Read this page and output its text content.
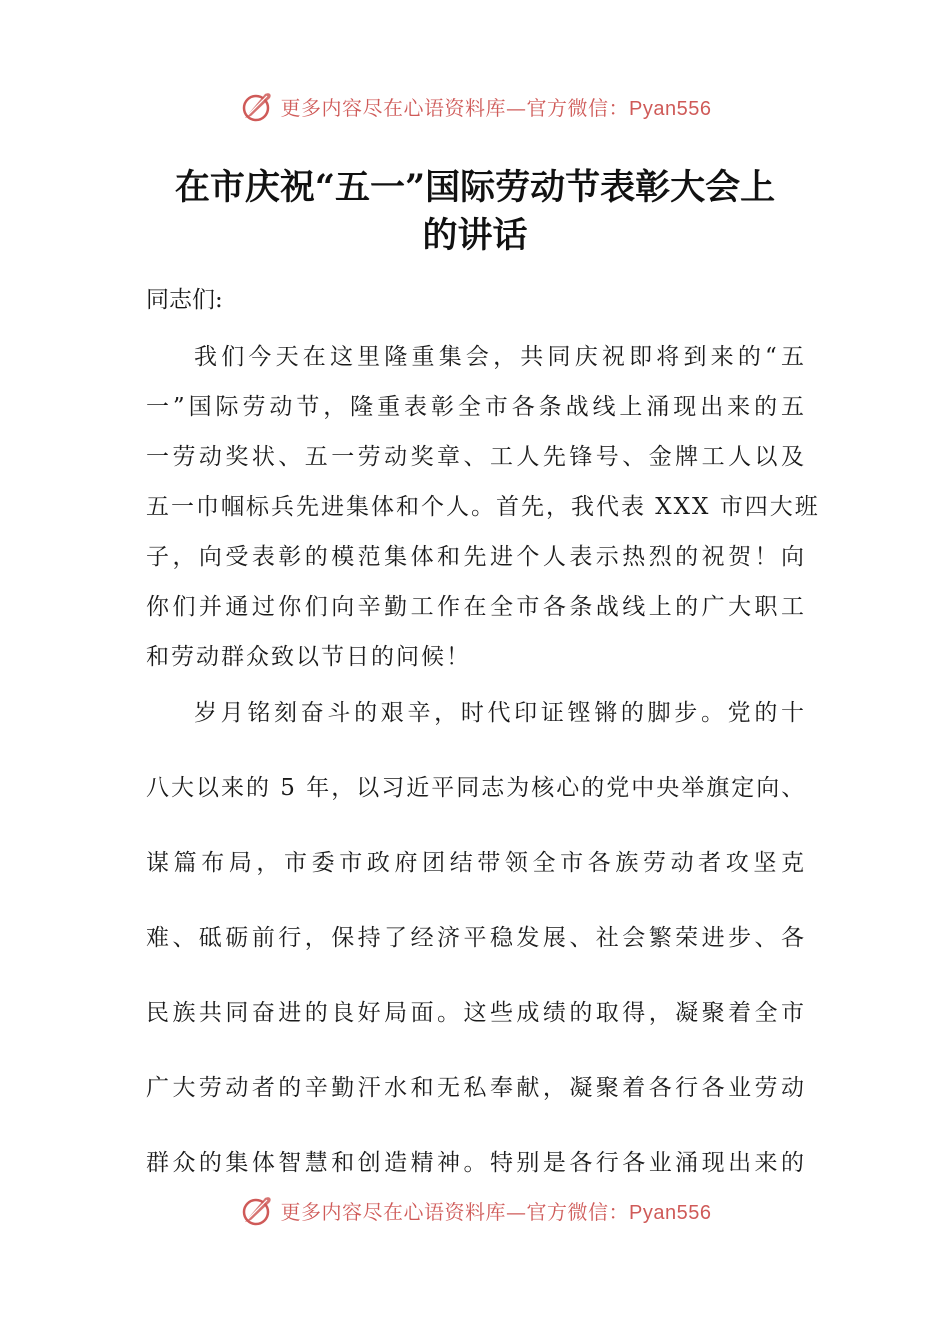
更多内容尽在心语资料库—官方微信：Pyan556
在市庆祝“五一”国际劳动节表彰大会上
的讲话

同志们:

我们今天在这里隆重集会，共同庆祝即将到来的“五
一”国际劳动节，隆重表彰全市各条战线上涌现出来的五
一劳动奖状、五一劳动奖章、工人先锋号、金牌工人以及
五一巾帼标兵先进集体和个人。首先，我代表 XXX 市四大班
子，向受表彰的模范集体和先进个人表示热烈的祝贺！向
你们并通过你们向辛勤工作在全市各条战线上的广大职工
和劳动群众致以节日的问候！
岁月铭刻奋斗的艰辛，时代印证铿锵的脚步。党的十
八大以来的 5 年，以习近平同志为核心的党中央举旗定向、
谋篇布局，市委市政府团结带领全市各族劳动者攻坚克
难、砥砺前行，保持了经济平稳发展、社会繁荣进步、各
民族共同奋进的良好局面。这些成绩的取得，凝聚着全市
广大劳动者的辛勤汗水和无私奉献，凝聚着各行各业劳动
群众的集体智慧和创造精神。特别是各行各业涌现出来的
更多内容尽在心语资料库—官方微信：Pyan556
